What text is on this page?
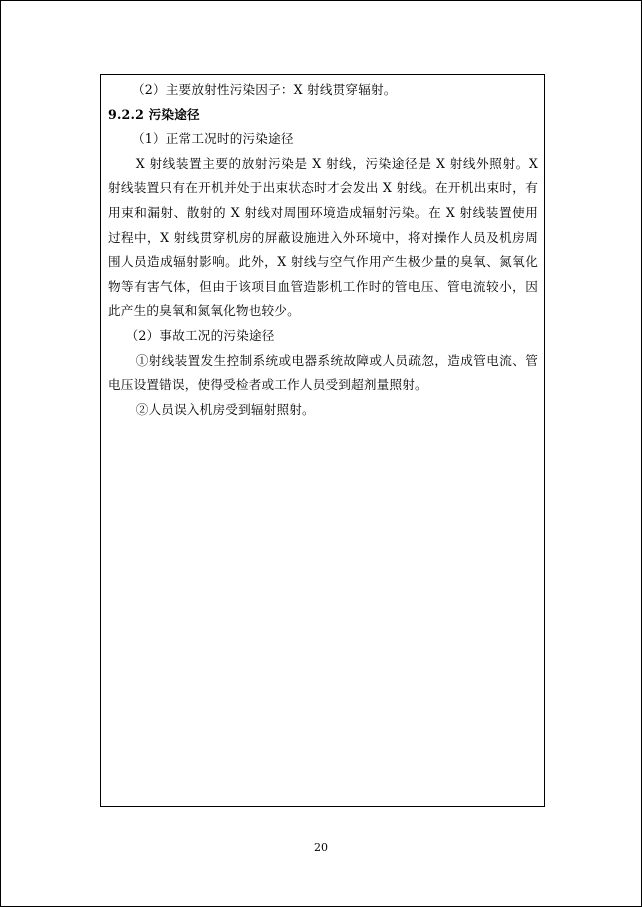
（2）主要放射性污染因子：X 射线贯穿辐射。

9.2.2 污染途径

（1）正常工况时的污染途径

X 射线装置主要的放射污染是 X 射线，污染途径是 X 射线外照射。X 射线装置只有在开机并处于出束状态时才会发出 X 射线。在开机出束时，有用束和漏射、散射的 X 射线对周围环境造成辐射污染。在 X 射线装置使用过程中，X 射线贯穿机房的屏蔽设施进入外环境中，将对操作人员及机房周围人员造成辐射影响。此外，X 射线与空气作用产生极少量的臭氧、氮氧化物等有害气体，但由于该项目血管造影机工作时的管电压、管电流较小，因此产生的臭氧和氮氧化物也较少。

（2）事故工况的污染途径

①射线装置发生控制系统或电器系统故障或人员疏忽，造成管电流、管电压设置错误，使得受检者或工作人员受到超剂量照射。

②人员误入机房受到辐射照射。

20
